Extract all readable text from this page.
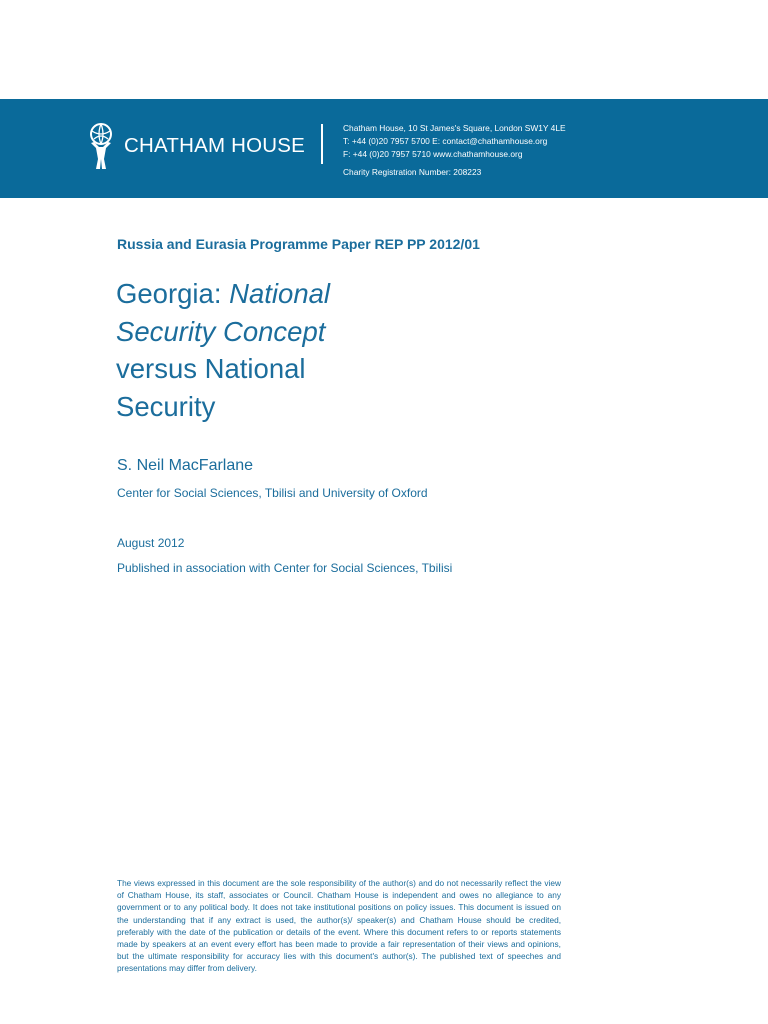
CHATHAM HOUSE
Chatham House, 10 St James's Square, London SW1Y 4LE
T: +44 (0)20 7957 5700 E: contact@chathamhouse.org
F: +44 (0)20 7957 5710 www.chathamhouse.org
Charity Registration Number: 208223
Russia and Eurasia Programme Paper REP PP 2012/01
Georgia: National
Security Concept
versus National
Security
S. Neil MacFarlane
Center for Social Sciences, Tbilisi and University of Oxford
August 2012
Published in association with Center for Social Sciences, Tbilisi
The views expressed in this document are the sole responsibility of the author(s) and do not necessarily reflect the view of Chatham House, its staff, associates or Council. Chatham House is independent and owes no allegiance to any government or to any political body. It does not take institutional positions on policy issues. This document is issued on the understanding that if any extract is used, the author(s)/ speaker(s) and Chatham House should be credited, preferably with the date of the publication or details of the event. Where this document refers to or reports statements made by speakers at an event every effort has been made to provide a fair representation of their views and opinions, but the ultimate responsibility for accuracy lies with this document's author(s). The published text of speeches and presentations may differ from delivery.
